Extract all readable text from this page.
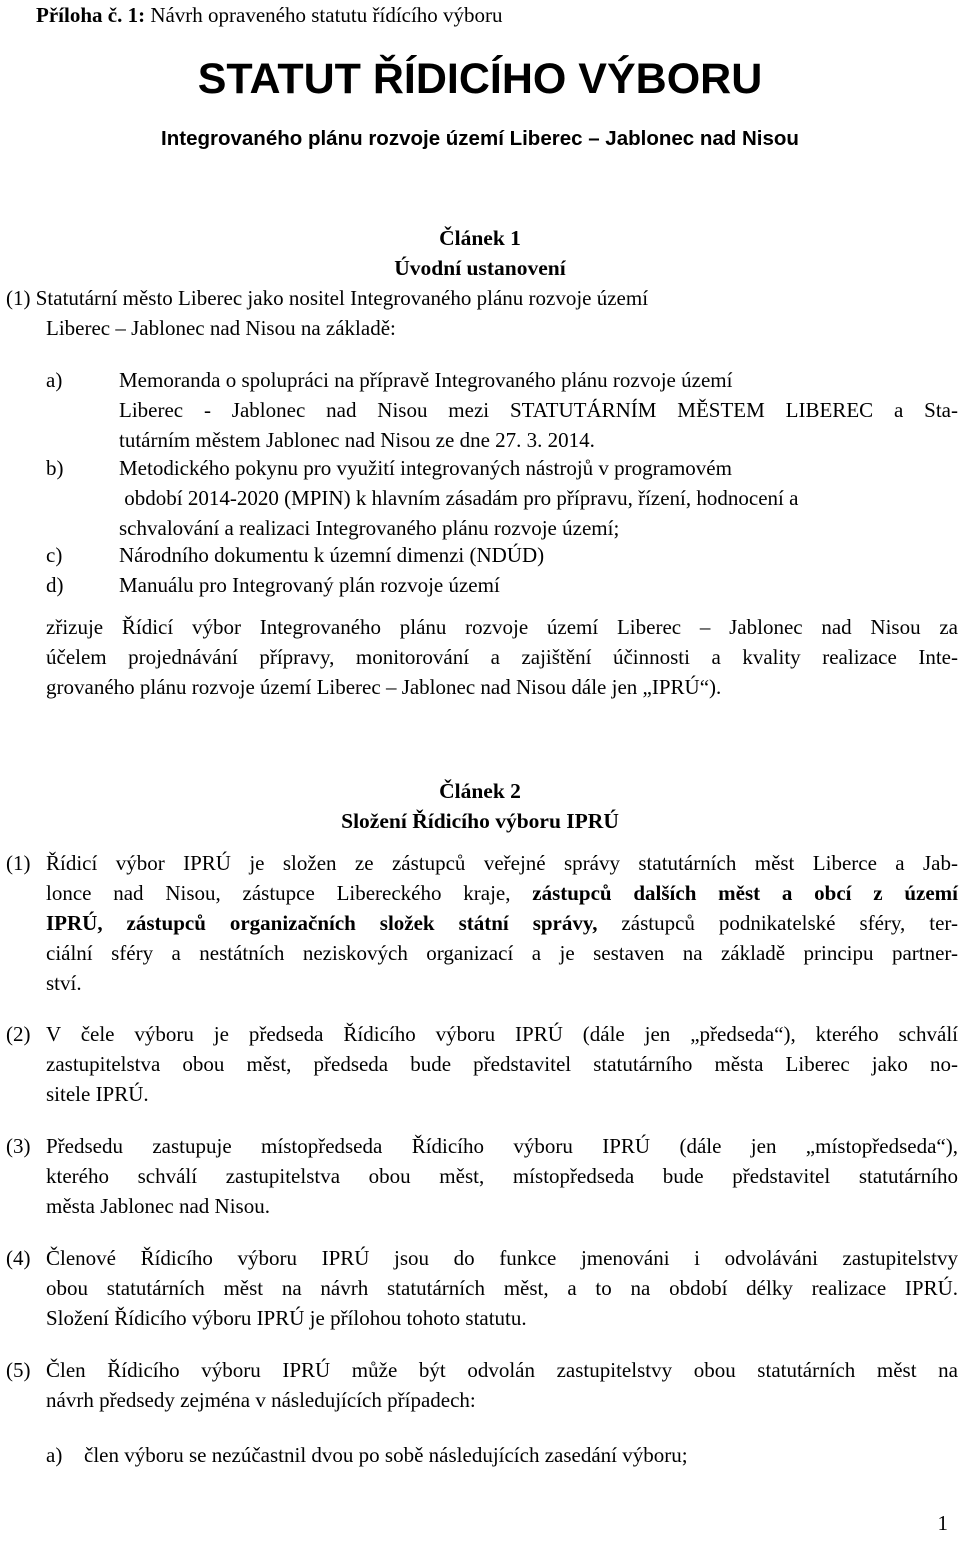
Příloha č. 1: Návrh opraveného statutu řídícího výboru
STATUT ŘÍDICÍHO VÝBORU
Integrovaného plánu rozvoje území Liberec – Jablonec nad Nisou
Článek 1
Úvodní ustanovení
(1) Statutární město Liberec jako nositel Integrovaného plánu rozvoje území
Liberec – Jablonec nad Nisou na základě:
a)	Memoranda o spolupráci na přípravě Integrovaného plánu rozvoje území
Liberec - Jablonec nad Nisou mezi STATUTÁRNÍM MĚSTEM LIBEREC a Sta-
tutárním městem Jablonec nad Nisou ze dne 27. 3. 2014.
b)	Metodického pokynu pro využití integrovaných nástrojů v programovém
období 2014-2020 (MPIN) k hlavním zásadám pro přípravu, řízení, hodnocení a
schvalování a realizaci Integrovaného plánu rozvoje území;
c)	Národního dokumentu k územní dimenzi (NDÚD)
d)	Manuálu pro Integrovaný plán rozvoje území
zřizuje Řídicí výbor Integrovaného plánu rozvoje území Liberec – Jablonec nad Nisou za
účelem projednávání přípravy, monitorování a zajištění účinnosti a kvality realizace Inte-
grovaného plánu rozvoje území Liberec – Jablonec nad Nisou dále jen „IPRÚ“).
Článek 2
Složení Řídicího výboru IPRÚ
(1) Řídicí výbor IPRÚ je složen ze zástupců veřejné správy statutárních měst Liberce a Jab-
lonce nad Nisou, zástupce Libereckého kraje, zástupců dalších měst a obcí z území
IPRÚ, zástupců organizačních složek státní správy, zástupců podnikatelské sféry, ter-
ciální sféry a nestátních neziskových organizací a je sestaven na základě principu partner-
ství.
(2) V čele výboru je předseda Řídicího výboru IPRÚ (dále jen „předseda“), kterého schválí
zastupitelstva obou měst, předseda bude představitel statutárního města Liberec jako no-
sitele IPRÚ.
(3) Předsedu zastupuje místopředseda Řídicího výboru IPRÚ (dále jen „místopředseda“),
kterého schválí zastupitelstva obou měst, místopředseda bude představitel statutárního
města Jablonec nad Nisou.
(4) Členové Řídicího výboru IPRÚ jsou do funkce jmenováni i odvoláváni zastupitelstvy
obou statutárních měst na návrh statutárních měst, a to na období délky realizace IPRÚ.
Složení Řídicího výboru IPRÚ je přílohou tohoto statutu.
(5) Člen Řídicího výboru IPRÚ může být odvolán zastupitelstvy obou statutárních měst na
návrh předsedy zejména v následujících případech:
a) člen výboru se nezúčastnil dvou po sobě následujících zasedání výboru;
1
